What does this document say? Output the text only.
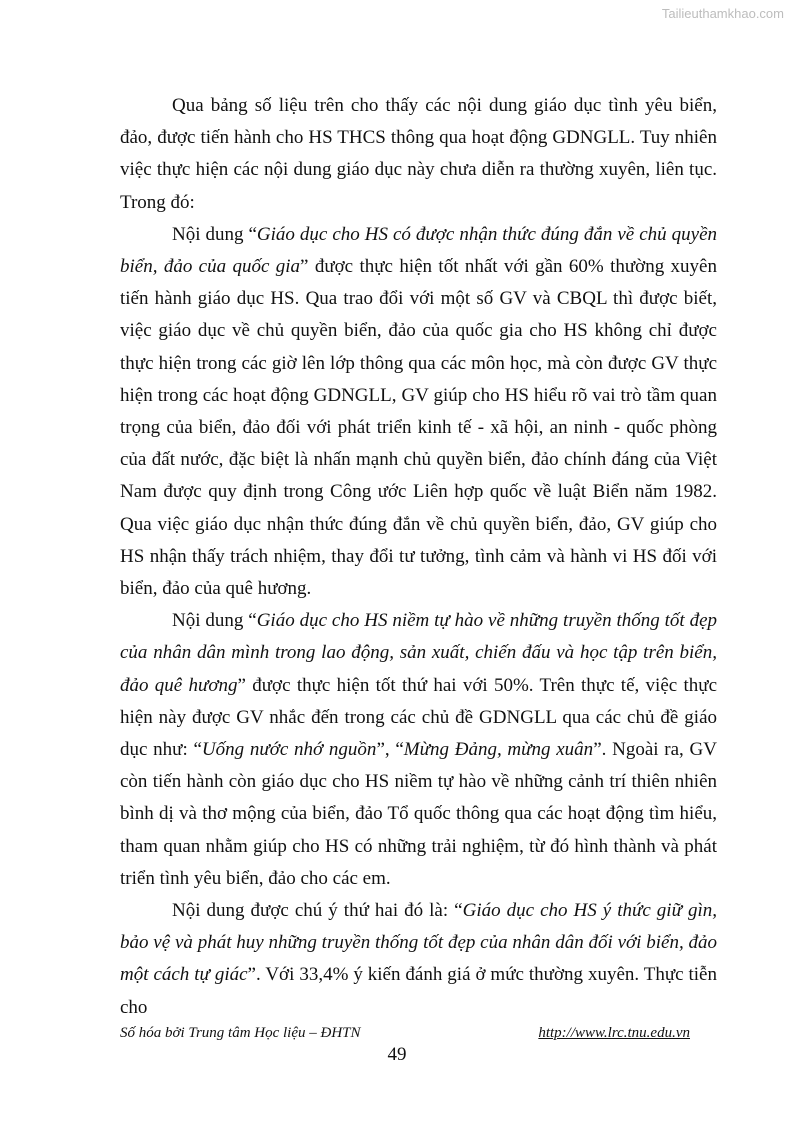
Tailieuthamkhao.com

Qua bảng số liệu trên cho thấy các nội dung giáo dục tình yêu biển, đảo, được tiến hành cho HS THCS thông qua hoạt động GDNGLL. Tuy nhiên việc thực hiện các nội dung giáo dục này chưa diễn ra thường xuyên, liên tục. Trong đó:

Nội dung “Giáo dục cho HS có được nhận thức đúng đắn về chủ quyền biển, đảo của quốc gia” được thực hiện tốt nhất với gần 60% thường xuyên tiến hành giáo dục HS. Qua trao đổi với một số GV và CBQL thì được biết, việc giáo dục về chủ quyền biển, đảo của quốc gia cho HS không chỉ được thực hiện trong các giờ lên lớp thông qua các môn học, mà còn được GV thực hiện trong các hoạt động GDNGLL, GV giúp cho HS hiểu rõ vai trò tầm quan trọng của biển, đảo đối với phát triển kinh tế - xã hội, an ninh - quốc phòng của đất nước, đặc biệt là nhấn mạnh chủ quyền biển, đảo chính đáng của Việt Nam được quy định trong Công ước Liên hợp quốc về luật Biển năm 1982. Qua việc giáo dục nhận thức đúng đắn về chủ quyền biển, đảo, GV giúp cho HS nhận thấy trách nhiệm, thay đổi tư tưởng, tình cảm và hành vi HS đối với biển, đảo của quê hương.

Nội dung “Giáo dục cho HS niềm tự hào về những truyền thống tốt đẹp của nhân dân mình trong lao động, sản xuất, chiến đấu và học tập trên biển, đảo quê hương” được thực hiện tốt thứ hai với 50%. Trên thực tế, việc thực hiện này được GV nhắc đến trong các chủ đề GDNGLL qua các chủ đề giáo dục như: “Uống nước nhớ nguồn”, “Mừng Đảng, mừng xuân”. Ngoài ra, GV còn tiến hành còn giáo dục cho HS niềm tự hào về những cảnh trí thiên nhiên bình dị và thơ mộng của biển, đảo Tổ quốc thông qua các hoạt động tìm hiểu, tham quan nhằm giúp cho HS có những trải nghiệm, từ đó hình thành và phát triển tình yêu biển, đảo cho các em.

Nội dung được chú ý thứ hai đó là: “Giáo dục cho HS ý thức giữ gìn, bảo vệ và phát huy những truyền thống tốt đẹp của nhân dân đối với biển, đảo một cách tự giác”. Với 33,4% ý kiến đánh giá ở mức thường xuyên. Thực tiễn cho

Số hóa bởi Trung tâm Học liệu – ĐHTN	http://www.lrc.tnu.edu.vn
49
